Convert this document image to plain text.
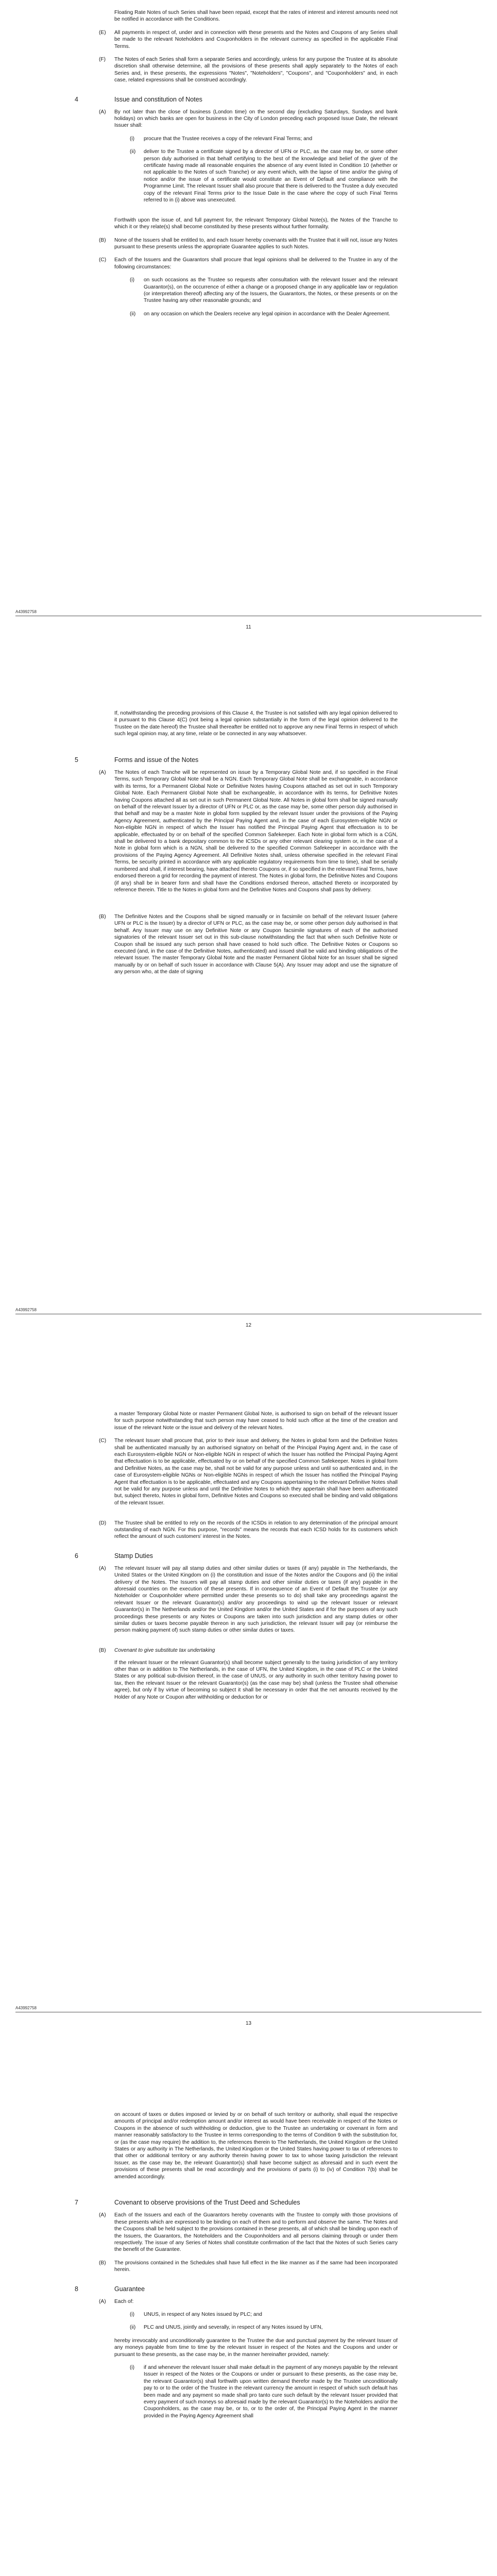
Floating Rate Notes of such Series shall have been repaid, except that the rates of interest and interest amounts need not be notified in accordance with the Conditions.
(E) All payments in respect of, under and in connection with these presents and the Notes and Coupons of any Series shall be made to the relevant Noteholders and Couponholders in the relevant currency as specified in the applicable Final Terms.
(F) The Notes of each Series shall form a separate Series and accordingly, unless for any purpose the Trustee at its absolute discretion shall otherwise determine, all the provisions of these presents shall apply separately to the Notes of each Series and, in these presents, the expressions "Notes", "Noteholders", "Coupons", and "Couponholders" and, in each case, related expressions shall be construed accordingly.
4	Issue and constitution of Notes
(A) By not later than the close of business (London time) on the second day (excluding Saturdays, Sundays and bank holidays) on which banks are open for business in the City of London preceding each proposed Issue Date, the relevant Issuer shall:
(i) procure that the Trustee receives a copy of the relevant Final Terms; and
(ii) deliver to the Trustee a certificate signed by a director of UFN or PLC, as the case may be, or some other person duly authorised in that behalf certifying to the best of the knowledge and belief of the giver of the certificate having made all reasonable enquiries the absence of any event listed in Condition 10 (whether or not applicable to the Notes of such Tranche) or any event which, with the lapse of time and/or the giving of notice and/or the issue of a certificate would constitute an Event of Default and compliance with the Programme Limit. The relevant Issuer shall also procure that there is delivered to the Trustee a duly executed copy of the relevant Final Terms prior to the Issue Date in the case where the copy of such Final Terms referred to in (i) above was unexecuted.
Forthwith upon the issue of, and full payment for, the relevant Temporary Global Note(s), the Notes of the Tranche to which it or they relate(s) shall become constituted by these presents without further formality.
(B) None of the Issuers shall be entitled to, and each Issuer hereby covenants with the Trustee that it will not, issue any Notes pursuant to these presents unless the appropriate Guarantee applies to such Notes.
(C) Each of the Issuers and the Guarantors shall procure that legal opinions shall be delivered to the Trustee in any of the following circumstances:
(i) on such occasions as the Trustee so requests after consultation with the relevant Issuer and the relevant Guarantor(s), on the occurrence of either a change or a proposed change in any applicable law or regulation (or interpretation thereof) affecting any of the Issuers, the Guarantors, the Notes, or these presents or on the Trustee having any other reasonable grounds; and
(ii) on any occasion on which the Dealers receive any legal opinion in accordance with the Dealer Agreement.
A43992758
11
If, notwithstanding the preceding provisions of this Clause 4, the Trustee is not satisfied with any legal opinion delivered to it pursuant to this Clause 4(C) (not being a legal opinion substantially in the form of the legal opinion delivered to the Trustee on the date hereof) the Trustee shall thereafter be entitled not to approve any new Final Terms in respect of which such legal opinion may, at any time, relate or be connected in any way whatsoever.
5	Forms and issue of the Notes
(A) The Notes of each Tranche will be represented on issue by a Temporary Global Note and, if so specified in the Final Terms, such Temporary Global Note shall be a NGN. Each Temporary Global Note shall be exchangeable, in accordance with its terms, for a Permanent Global Note or Definitive Notes having Coupons attached as set out in such Temporary Global Note. Each Permanent Global Note shall be exchangeable, in accordance with its terms, for Definitive Notes having Coupons attached all as set out in such Permanent Global Note. All Notes in global form shall be signed manually on behalf of the relevant Issuer by a director of UFN or PLC or, as the case may be, some other person duly authorised in that behalf and may be a master Note in global form supplied by the relevant Issuer under the provisions of the Paying Agency Agreement, authenticated by the Principal Paying Agent and, in the case of each Eurosystem-eligible NGN or Non-eligible NGN in respect of which the Issuer has notified the Principal Paying Agent that effectuation is to be applicable, effectuated by or on behalf of the specified Common Safekeeper. Each Note in global form which is a CGN, shall be delivered to a bank depositary common to the ICSDs or any other relevant clearing system or, in the case of a Note in global form which is a NGN, shall be delivered to the specified Common Safekeeper in accordance with the provisions of the Paying Agency Agreement. All Definitive Notes shall, unless otherwise specified in the relevant Final Terms, be security printed in accordance with any applicable regulatory requirements from time to time), shall be serially numbered and shall, if interest bearing, have attached thereto Coupons or, if so specified in the relevant Final Terms, have endorsed thereon a grid for recording the payment of interest. The Notes in global form, the Definitive Notes and Coupons (if any) shall be in bearer form and shall have the Conditions endorsed thereon, attached thereto or incorporated by reference therein. Title to the Notes in global form and the Definitive Notes and Coupons shall pass by delivery.
(B) The Definitive Notes and the Coupons shall be signed manually or in facsimile on behalf of the relevant Issuer (where UFN or PLC is the Issuer) by a director of UFN or PLC, as the case may be, or some other person duly authorised in that behalf. Any Issuer may use on any Definitive Note or any Coupon facsimile signatures of each of the authorised signatories of the relevant Issuer set out in this sub-clause notwithstanding the fact that when such Definitive Note or Coupon shall be issued any such person shall have ceased to hold such office. The Definitive Notes or Coupons so executed (and, in the case of the Definitive Notes, authenticated) and issued shall be valid and binding obligations of the relevant Issuer. The master Temporary Global Note and the master Permanent Global Note for an Issuer shall be signed manually by or on behalf of such Issuer in accordance with Clause 5(A). Any Issuer may adopt and use the signature of any person who, at the date of signing
A43992758
12
a master Temporary Global Note or master Permanent Global Note, is authorised to sign on behalf of the relevant Issuer for such purpose notwithstanding that such person may have ceased to hold such office at the time of the creation and issue of the relevant Note or the issue and delivery of the relevant Notes.
(C) The relevant Issuer shall procure that, prior to their issue and delivery, the Notes in global form and the Definitive Notes shall be authenticated manually by an authorised signatory on behalf of the Principal Paying Agent and, in the case of each Eurosystem-eligible NGN or Non-eligible NGN in respect of which the Issuer has notified the Principal Paying Agent that effectuation is to be applicable, effectuated by or on behalf of the specified Common Safekeeper. Notes in global form and Definitive Notes, as the case may be, shall not be valid for any purpose unless and until so authenticated and, in the case of Eurosystem-eligible NGNs or Non-eligible NGNs in respect of which the Issuer has notified the Principal Paying Agent that effectuation is to be applicable, effectuated and any Coupons appertaining to the relevant Definitive Notes shall not be valid for any purpose unless and until the Definitive Notes to which they appertain shall have been authenticated but, subject thereto, Notes in global form, Definitive Notes and Coupons so executed shall be binding and valid obligations of the relevant Issuer.
(D) The Trustee shall be entitled to rely on the records of the ICSDs in relation to any determination of the principal amount outstanding of each NGN. For this purpose, "records" means the records that each ICSD holds for its customers which reflect the amount of such customers' interest in the Notes.
6	Stamp Duties
(A) The relevant Issuer will pay all stamp duties and other similar duties or taxes (if any) payable in The Netherlands, the United States or the United Kingdom on (i) the constitution and issue of the Notes and/or the Coupons and (ii) the initial delivery of the Notes. The Issuers will pay all stamp duties and other similar duties or taxes (if any) payable in the aforesaid countries on the execution of these presents. If in consequence of an Event of Default the Trustee (or any Noteholder or Couponholder where permitted under these presents so to do) shall take any proceedings against the relevant Issuer or the relevant Guarantor(s) and/or any proceedings to wind up the relevant Issuer or relevant Guarantor(s) in The Netherlands and/or the United Kingdom and/or the United States and if for the purposes of any such proceedings these presents or any Notes or Coupons are taken into such jurisdiction and any stamp duties or other similar duties or taxes become payable thereon in any such jurisdiction, the relevant Issuer will pay (or reimburse the person making payment of) such stamp duties or other similar duties or taxes.
(B) Covenant to give substitute tax undertaking
If the relevant Issuer or the relevant Guarantor(s) shall become subject generally to the taxing jurisdiction of any territory other than or in addition to The Netherlands, in the case of UFN, the United Kingdom, in the case of PLC or the United States or any political sub-division thereof, in the case of UNUS, or any authority in such other territory having power to tax, then the relevant Issuer or the relevant Guarantor(s) (as the case may be) shall (unless the Trustee shall otherwise agree), but only if by virtue of becoming so subject it shall be necessary in order that the net amounts received by the Holder of any Note or Coupon after withholding or deduction for or
A43992758
13
on account of taxes or duties imposed or levied by or on behalf of such territory or authority, shall equal the respective amounts of principal and/or redemption amount and/or interest as would have been receivable in respect of the Notes or Coupons in the absence of such withholding or deduction, give to the Trustee an undertaking or covenant in form and manner reasonably satisfactory to the Trustee in terms corresponding to the terms of Condition 9 with the substitution for, or (as the case may require) the addition to, the references therein to The Netherlands, the United Kingdom or the United States or any authority in The Netherlands, the United Kingdom or the United States having power to tax of references to that other or additional territory or any authority therein having power to tax to whose taxing jurisdiction the relevant Issuer, as the case may be, the relevant Guarantor(s) shall have become subject as aforesaid and in such event the provisions of these presents shall be read accordingly and the provisions of parts (i) to (iv) of Condition 7(b) shall be amended accordingly.
7	Covenant to observe provisions of the Trust Deed and Schedules
(A) Each of the Issuers and each of the Guarantors hereby covenants with the Trustee to comply with those provisions of these presents which are expressed to be binding on each of them and to perform and observe the same. The Notes and the Coupons shall be held subject to the provisions contained in these presents, all of which shall be binding upon each of the Issuers, the Guarantors, the Noteholders and the Couponholders and all persons claiming through or under them respectively. The issue of any Series of Notes shall constitute confirmation of the fact that the Notes of such Series carry the benefit of the Guarantee.
(B) The provisions contained in the Schedules shall have full effect in the like manner as if the same had been incorporated herein.
8	Guarantee
(A) Each of:
(i) UNUS, in respect of any Notes issued by PLC; and
(ii) PLC and UNUS, jointly and severally, in respect of any Notes issued by UFN,
hereby irrevocably and unconditionally guarantee to the Trustee the due and punctual payment by the relevant Issuer of any moneys payable from time to time by the relevant Issuer in respect of the Notes and the Coupons and under or pursuant to these presents, as the case may be, in the manner hereinafter provided, namely:
(i) if and whenever the relevant Issuer shall make default in the payment of any moneys payable by the relevant Issuer in respect of the Notes or the Coupons or under or pursuant to these presents, as the case may be, the relevant Guarantor(s) shall forthwith upon written demand therefor made by the Trustee unconditionally pay to or to the order of the Trustee in the relevant currency the amount in respect of which such default has been made and any payment so made shall pro tanto cure such default by the relevant Issuer provided that every payment of such moneys so aforesaid made by the relevant Guarantor(s) to the Noteholders and/or the Couponholders, as the case may be, or to, or to the order of, the Principal Paying Agent in the manner provided in the Paying Agency Agreement shall
